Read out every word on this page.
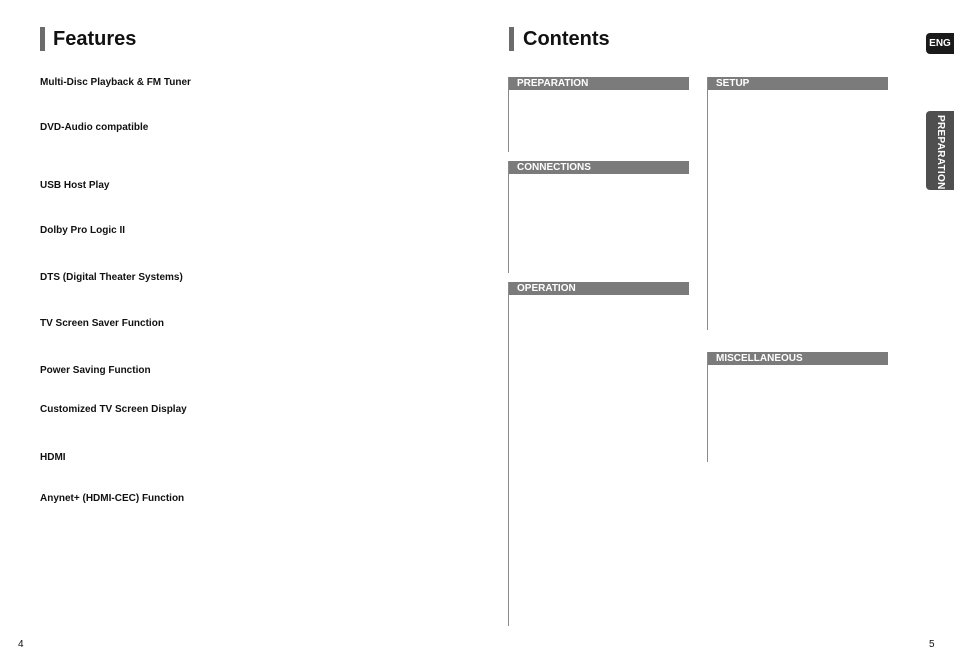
Features
Multi-Disc Playback & FM Tuner
DVD-Audio compatible
USB Host Play
Dolby Pro Logic II
DTS (Digital Theater Systems)
TV Screen Saver Function
Power Saving Function
Customized TV Screen Display
HDMI
Anynet+ (HDMI-CEC) Function
4
Contents
PREPARATION
CONNECTIONS
OPERATION
SETUP
MISCELLANEOUS
5
ENG
PREPARATION
